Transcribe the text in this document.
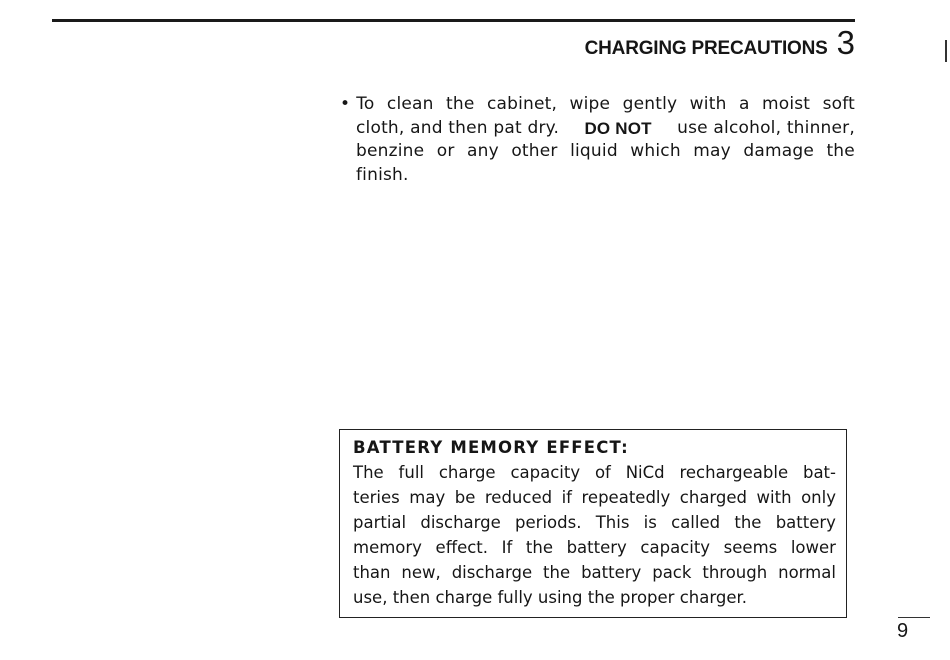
CHARGING PRECAUTIONS 3
• To clean the cabinet, wipe gently with a moist soft
cloth, and then pat dry. DO NOT use alcohol, thinner,
benzine or any other liquid which may damage the
finish.
BATTERY MEMORY EFFECT:
The full charge capacity of NiCd rechargeable bat-
teries may be reduced if repeatedly charged with only
partial discharge periods. This is called the battery
memory effect. If the battery capacity seems lower
than new, discharge the battery pack through normal
use, then charge fully using the proper charger.
9
